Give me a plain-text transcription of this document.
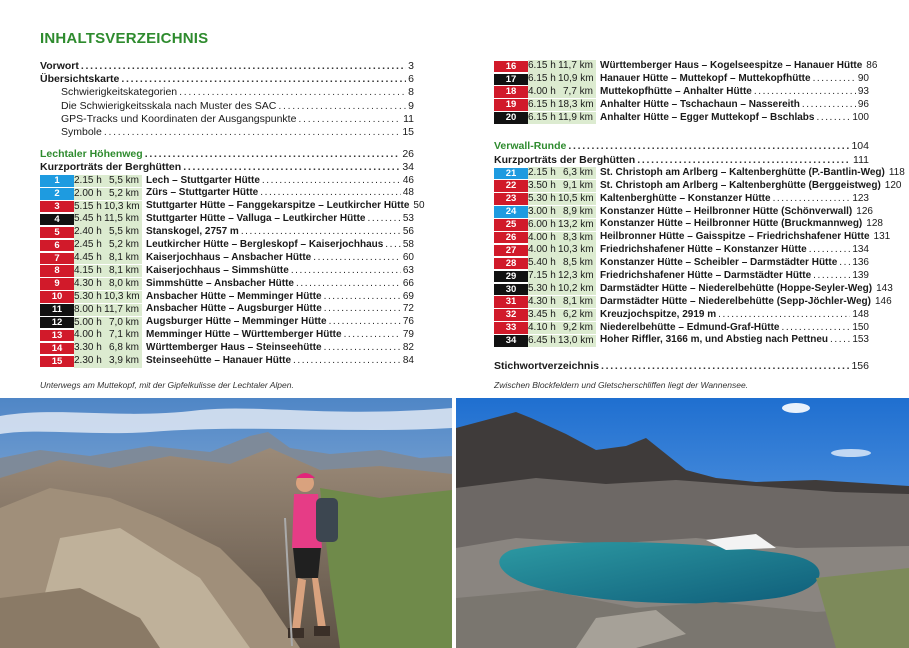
INHALTSVERZEICHNIS
Vorwort . . .	3
Übersichtskarte . . .	6
Schwierigkeitskategorien . . .	8
Die Schwierigkeitsskala nach Muster des SAC . . .	9
GPS-Tracks und Koordinaten der Ausgangspunkte . . .	11
Symbole . . .	15
Lechtaler Höhenweg . . .	26
Kurzporträts der Berghütten . . .	34
1	2.15 h 5,5 km Lech – Stuttgarter Hütte . . .	46
2	2.00 h 5,2 km Zürs – Stuttgarter Hütte . . .	48
3	5.15 h 10,3 km Stuttgarter Hütte – Fanggekarspitze – Leutkircher Hütte 50
4	5.45 h 11,5 km Stuttgarter Hütte – Valluga – Leutkircher Hütte . . .	53
5	2.40 h 5,5 km Stanskogel, 2757 m . . .	56
6	2.45 h 5,2 km Leutkircher Hütte – Bergleskopf – Kaiserjochhaus . . . 58
7	4.45 h 8,1 km Kaiserjochhaus – Ansbacher Hütte . . .	60
8	4.15 h 8,1 km Kaiserjochhaus – Simmshütte . . .	63
9	4.30 h 8,0 km Simmshütte – Ansbacher Hütte . . .	66
10	5.30 h 10,3 km Ansbacher Hütte – Memminger Hütte . . .	69
11	8.00 h 11,7 km Ansbacher Hütte – Augsburger Hütte . . .	72
12	5.00 h 7,0 km Augsburger Hütte – Memminger Hütte . . .	76
13	4.00 h 7,1 km Memminger Hütte – Württemberger Hütte . . .	79
14	3.30 h 6,8 km Württemberger Haus – Steinseehütte . . .	82
15	2.30 h 3,9 km Steinseehütte – Hanauer Hütte . . .	84
16	6.15 h 11,7 km Württemberger Haus – Kogelseespitze – Hanauer Hütte 86
17	6.15 h 10,9 km Hanauer Hütte – Muttekopf – Muttekopfhütte . . .	90
18	4.00 h 7,7 km Muttekopfhütte – Anhalter Hütte . . .	93
19	6.15 h 18,3 km Anhalter Hütte – Tschachaun – Nassereith . . .	96
20	6.15 h 11,9 km Anhalter Hütte – Egger Muttekopf – Bschlabs . . .	100
Verwall-Runde . . .	104
Kurzporträts der Berghütten . . .	111
21	2.15 h 6,3 km St. Christoph am Arlberg – Kaltenberghütte (P.-Bantlin-Weg) 118
22	3.50 h 9,1 km St. Christoph am Arlberg – Kaltenberghütte (Berggeistweg) 120
23	5.30 h 10,5 km Kaltenberghütte – Konstanzer Hütte . . .	123
24	3.00 h 8,9 km Konstanzer Hütte – Heilbronner Hütte (Schönverwall) 126
25	6.00 h 13,2 km Konstanzer Hütte – Heilbronner Hütte (Bruckmannweg) 128
26	4.00 h 8,3 km Heilbronner Hütte – Gaisspitze – Friedrichshafener Hütte 131
27	4.00 h 10,3 km Friedrichshafener Hütte – Konstanzer Hütte . . .	134
28	5.40 h 8,5 km Konstanzer Hütte – Scheibler – Darmstädter Hütte . . . 136
29	7.15 h 12,3 km Friedrichshafener Hütte – Darmstädter Hütte . . .	139
30	5.30 h 10,2 km Darmstädter Hütte – Niederelbehütte (Hoppe-Seyler-Weg) 143
31	4.30 h 8,1 km Darmstädter Hütte – Niederelbehütte (Sepp-Jöchler-Weg) 146
32	3.45 h 6,2 km Kreuzjochspitze, 2919 m . . .	148
33	4.10 h 9,2 km Niederelbehütte – Edmund-Graf-Hütte . . .	150
34	6.45 h 13,0 km Hoher Riffler, 3166 m, und Abstieg nach Pettneu . . . 153
Stichwortverzeichnis . . .	156
Unterwegs am Muttekopf, mit der Gipfelkulisse der Lechtaler Alpen.	Zwischen Blockfeldern und Gletscherschliffen liegt der Wannensee.
